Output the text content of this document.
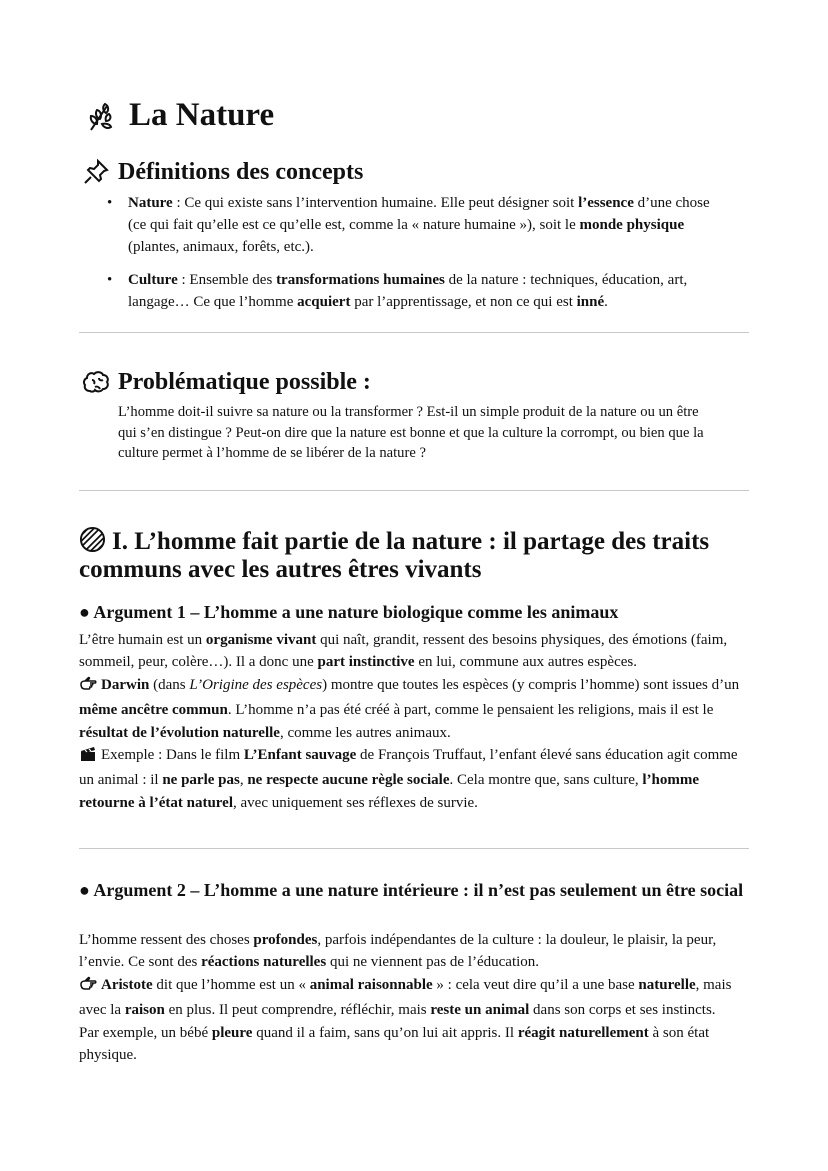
La Nature
Définitions des concepts
• Nature : Ce qui existe sans l’intervention humaine. Elle peut désigner soit l’essence d’une chose (ce qui fait qu’elle est ce qu’elle est, comme la « nature humaine »), soit le monde physique (plantes, animaux, forêts, etc.).
• Culture : Ensemble des transformations humaines de la nature : techniques, éducation, art, langage… Ce que l’homme acquiert par l’apprentissage, et non ce qui est inné.
Problématique possible :

L’homme doit-il suivre sa nature ou la transformer ? Est-il un simple produit de la nature ou un être qui s’en distingue ? Peut-on dire que la nature est bonne et que la culture la corrompt, ou bien que la culture permet à l’homme de se libérer de la nature ?

I. L’homme fait partie de la nature : il partage des traits communs avec les autres êtres vivants
● Argument 1 – L’homme a une nature biologique comme les animaux

L’être humain est un organisme vivant qui naît, grandit, ressent des besoins physiques, des émotions (faim, sommeil, peur, colère…). Il a donc une part instinctive en lui, commune aux autres espèces.

Darwin (dans L’Origine des espèces) montre que toutes les espèces (y compris l’homme) sont issues d’un même ancêtre commun. L’homme n’a pas été créé à part, comme le pensaient les religions, mais il est le résultat de l’évolution naturelle, comme les autres animaux.

Exemple : Dans le film L’Enfant sauvage de François Truffaut, l’enfant élevé sans éducation agit comme un animal : il ne parle pas, ne respecte aucune règle sociale. Cela montre que, sans culture, l’homme retourne à l’état naturel, avec uniquement ses réflexes de survie.

● Argument 2 – L’homme a une nature intérieure : il n’est pas seulement un être social

L’homme ressent des choses profondes, parfois indépendantes de la culture : la douleur, le plaisir, la peur, l’envie. Ce sont des réactions naturelles qui ne viennent pas de l’éducation.

Aristote dit que l’homme est un « animal raisonnable » : cela veut dire qu’il a une base naturelle, mais avec la raison en plus. Il peut comprendre, réfléchir, mais reste un animal dans son corps et ses instincts.

Par exemple, un bébé pleure quand il a faim, sans qu’on lui ait appris. Il réagit naturellement à son état physique.
